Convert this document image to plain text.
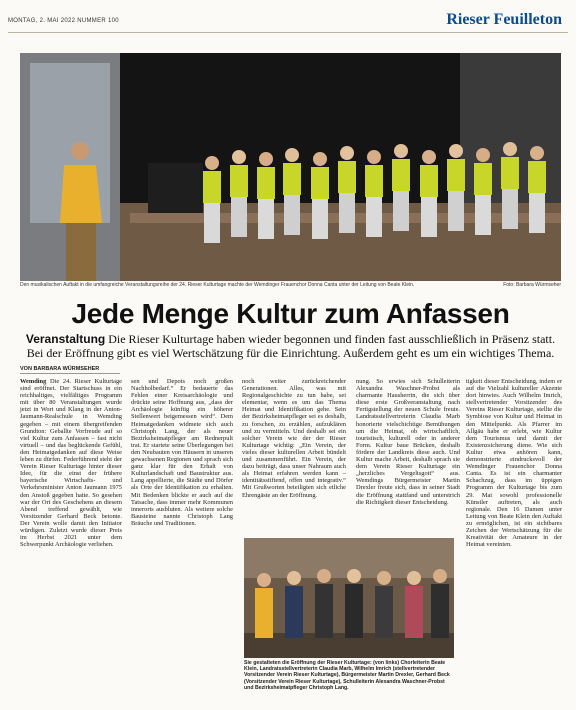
MONTAG, 2. MAI 2022 NUMMER 100	Rieser Feuilleton
Den musikalischen Auftakt in die umfangreiche Veranstaltungsreihe der 24. Rieser Kulturtage machte der Wemdinger Frauenchor Donna Canta unter der Leitung von Beate Klein.	Foto: Barbara Würmseher
Jede Menge Kultur zum Anfassen
Veranstaltung Die Rieser Kulturtage haben wieder begonnen und finden fast ausschließlich in Präsenz statt. Bei der Eröffnung gibt es viel Wertschätzung für die Einrichtung. Außerdem geht es um ein wichtiges Thema.
VON BARBARA WÜRMSEHER

Wemding Die 24. Rieser Kulturtage sind eröffnet. Der Startschuss in ein reichhaltiges, vielfältiges Programm mit über 80 Veranstaltungen wurde jetzt in Wort und Klang in der Anton-Jaumann-Realschule in Wemding gegeben – mit einem übergreifenden Grundton: Geballte Vorfreude auf so viel Kultur zum Anfassen – fast nicht virtuell – und das beglückende Gefühl, den Heimatgedanken auf diese Weise leben zu dürfen. Federführend steht der Verein Rieser Kulturtage hinter dieser Idee, für die einst der frühere bayerische Wirtschafts- und Verkehrsminister Anton Jaumann 1975 den Anstoß gegeben hatte. So gesehen war der Ort des Geschehens an diesem Abend treffend gewählt, wie Vorsitzender Gerhard Beck betonte. Der Verein wolle damit den Initiator würdigen. Zuletzt wurde dieser Preis im Herbst 2021 unter dem Schwerpunkt Archäologie verliehen.

sen und Depots noch großen Nachholbedarf.“ Er bedauerte das Fehlen einer Kreisarchäologie und drückte seine Hoffnung aus, „dass der Archäologie künftig ein höherer Stellenwert beigemessen wird“. Dem Heimatgedanken widmete sich auch Christoph Lang, der als neuer Bezirksheimatpfleger am Rednerpult trat. Er startete seine Überlegungen bei den Neubauten von Häusern in unseren gewachsenen Regionen und sprach sich ganz klar für den Erhalt von Kulturlandschaft und Baustruktur aus. Lang appellierte, die Städte und Dörfer als Orte der Identifikation zu erhalten. Mit Bedenken blickte er auch auf die Tatsache, dass immer mehr Kommunen innerorts ausbluten. Als weitere solche Bausteine nannte Christoph Lang Bräuche und Traditionen.

noch weiter zurückreichender Generationen. Alles, was mit Regionalgeschichte zu tun habe, sei elementar, wenn es um das Thema Heimat und Identifikation gehe. Sein der Bezirksheimatpfleger sei es deshalb, zu forschen, zu erzählen, aufzuklären und zu vermitteln. Und deshalb sei ein solcher Verein wie der der Rieser Kulturtage wichtig: „Ein Verein, der vieles dieser kulturellen Arbeit bündelt und zusammenführt. Ein Verein, der dazu beiträgt, dass unser Nahraum auch als Heimat erfahren werden kann – identitätsstiftend, offen und integrativ.“ Mit Grußworten beteiligten sich etliche Ehrengäste an der Eröffnung.

nung. So erwies sich Schulleiterin Alexandra Waschner-Probst als charmante Hausherrin, die sich über diese erste Großveranstaltung nach Fertigstellung der neuen Schule freute. Landratsstellvertreterin Claudia Marb honorierte vielschichtige Bemühungen um die Heimat, ob wirtschaftlich, touristisch, kulturell oder in anderer Form. Kultur baue Brücken, deshalb fördere der Landkreis diese auch. Und Kultur mache Arbeit, deshalb sprach sie dem Verein Rieser Kulturtage ein „herzliches Vergeltsgott“ aus. Wemdings Bürgermeister Martin Drexler freute sich, dass in seiner Stadt die Eröffnung stattfand und unterstrich die Richtigkeit dieser Entscheidung.

tigkeit dieser Entscheidung, indem er auf die Vielzahl kultureller Akzente dort hinwies. Auch Wilhelm Imrich, stellvertretender Vorsitzender des Vereins Rieser Kulturtage, stellte die Symbiose von Kultur und Heimat in den Mittelpunkt. Als Pfarrer im Allgäu habe er erlebt, wie Kultur dem Tourismus und damit der Existenzsicherung diene. Wie sich Kultur etwa anhören kann, demonstrierte eindrucksvoll der Wemdinger Frauenchor Donna Canta. Es ist ein charmanter Schachzug, dass im üppigen Programm der Kulturtage bis zum 29. Mai sowohl professionelle Künstler auftreten, als auch regionale. Den 16 Damen unter Leitung von Beate Klein den Auftakt zu ermöglichen, ist ein sichtbares Zeichen der Wertschätzung für die Kreativität der Amateure in der Heimat vereinten.

Sie gestalteten die Eröffnung der Rieser Kulturtage: (von links) Chorleiterin Beate Klein, Landratsstellvertreterin Claudia Marb, Wilhelm Imrich (stellvertretender Vorsitzender Verein Rieser Kulturtage), Bürgermeister Martin Drexler, Gerhard Beck (Vorsitzender Verein Rieser Kulturtage), Schulleiterin Alexandra Waschner-Probst und Bezirksheimatpfleger Christoph Lang.
